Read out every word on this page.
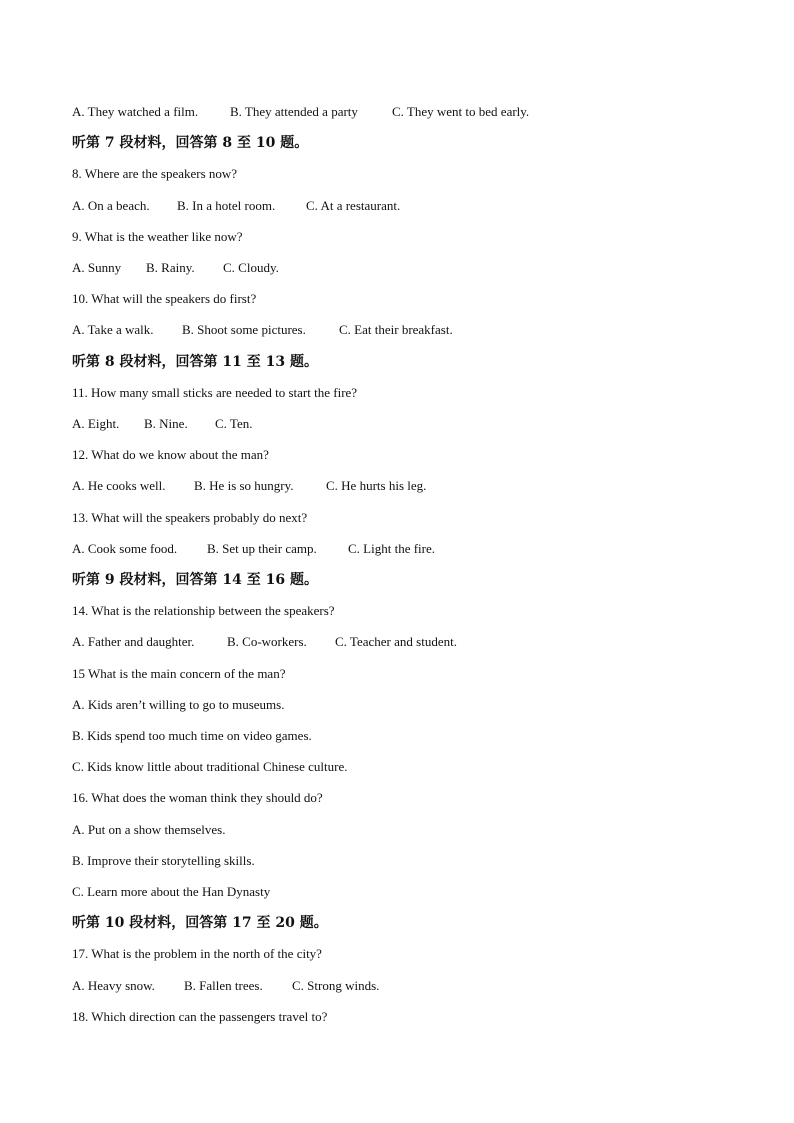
A. They watched a film. B. They attended a party	C. They went to bed early.
听第 7 段材料，回答第 8 至 10 题。
8. Where are the speakers now?
A. On a beach. B. In a hotel room. C. At a restaurant.
9. What is the weather like now?
A. Sunny B. Rainy. C. Cloudy.
10. What will the speakers do first?
A. Take a walk. B. Shoot some pictures.	C. Eat their breakfast.
听第 8 段材料，回答第 11 至 13 题。
11. How many small sticks are needed to start the fire?
A. Eight. B. Nine. C. Ten.
12. What do we know about the man?
A. He cooks well. B. He is so hungry. C. He hurts his leg.
13. What will the speakers probably do next?
A. Cook some food. B. Set up their camp. C. Light the fire.
听第 9 段材料，回答第 14 至 16 题。
14. What is the relationship between the speakers?
A. Father and daughter.	B. Co-workers. C. Teacher and student.
15 What is the main concern of the man?
A. Kids aren’t willing to go to museums.
B. Kids spend too much time on video games.
C. Kids know little about traditional Chinese culture.
16. What does the woman think they should do?
A. Put on a show themselves.
B. Improve their storytelling skills.
C. Learn more about the Han Dynasty
听第 10 段材料，回答第 17 至 20 题。
17. What is the problem in the north of the city?
A. Heavy snow. B. Fallen trees. C. Strong winds.
18. Which direction can the passengers travel to?
